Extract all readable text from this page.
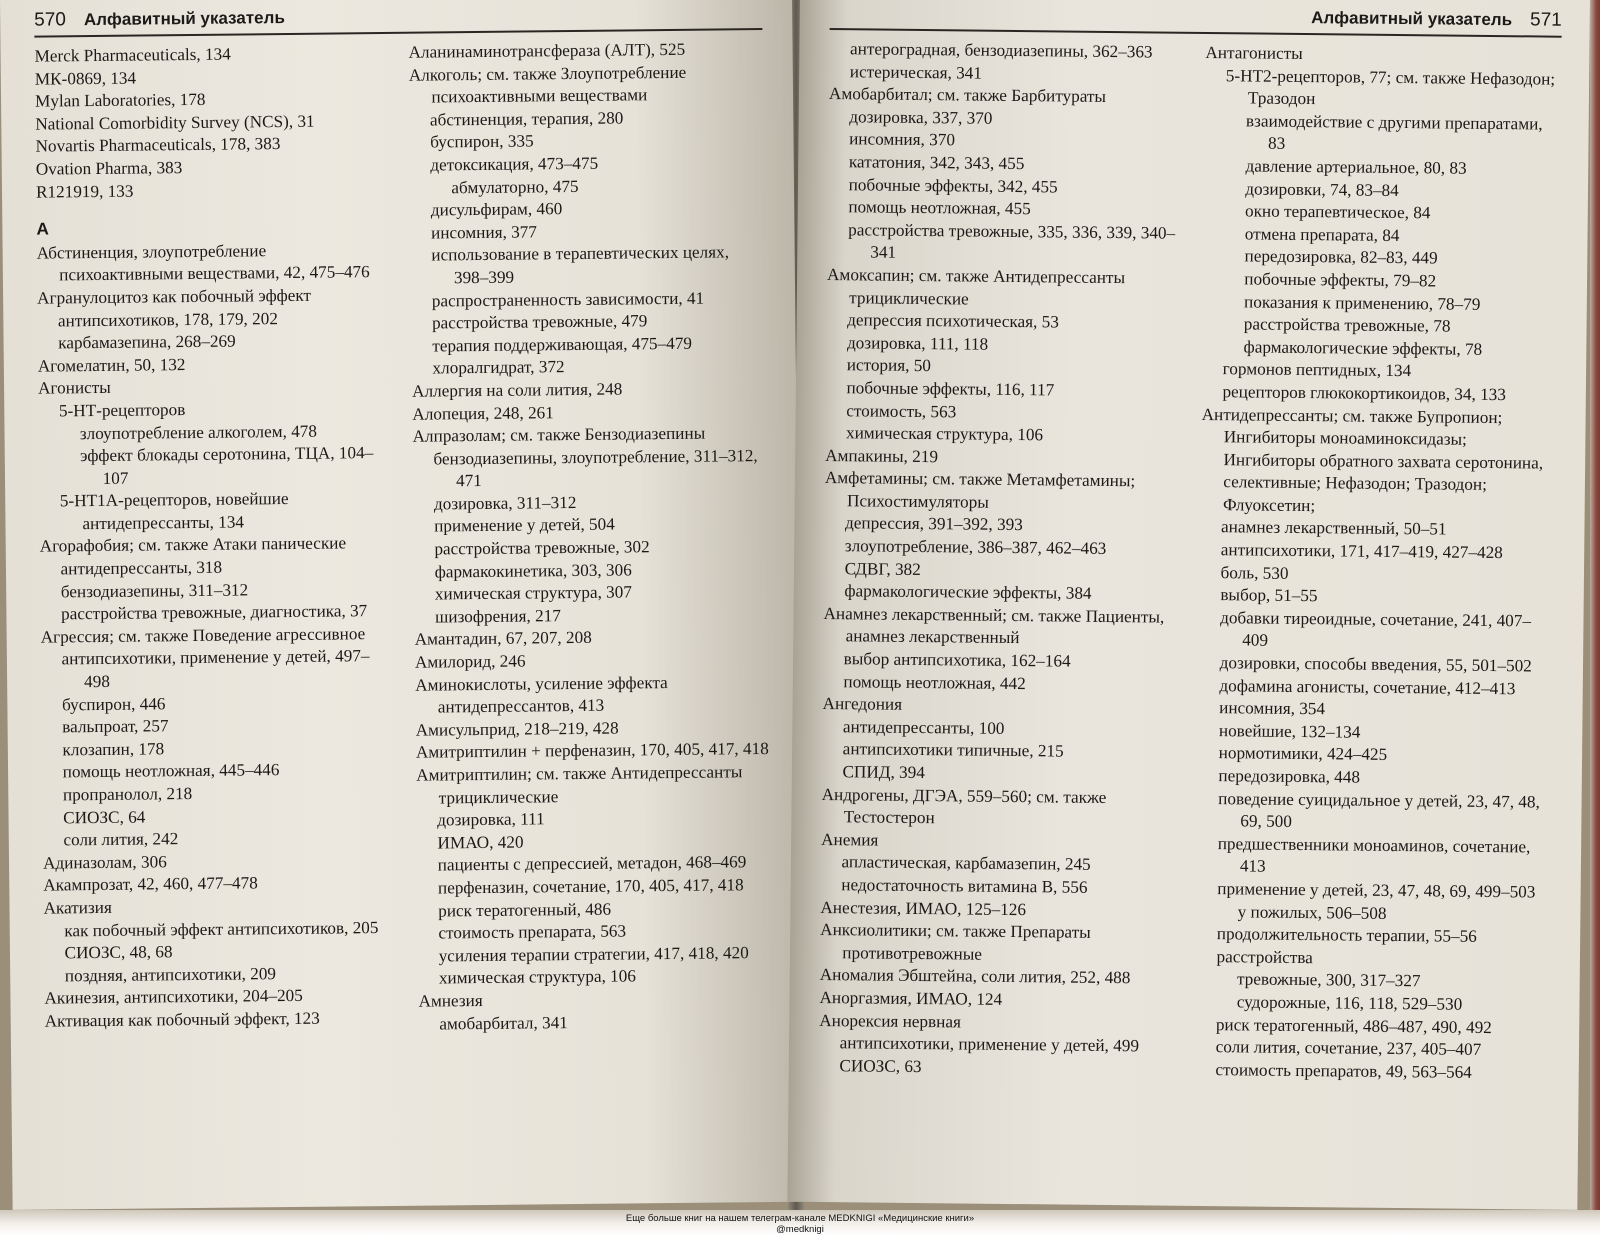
570 Алфавитный указатель
Merck Pharmaceuticals, 134
МК-0869, 134
Mylan Laboratories, 178
National Comorbidity Survey (NCS), 31
Novartis Pharmaceuticals, 178, 383
Ovation Pharma, 383
R121919, 133
А
Абстиненция, злоупотребление психоактивными веществами, 42, 475–476
Агранулоцитоз как побочный эффект
антипсихотиков, 178, 179, 202
карбамазепина, 268–269
Агомелатин, 50, 132
Агонисты
5-НТ-рецепторов
злоупотребление алкоголем, 478
эффект блокады серотонина, ТЦА, 104–107
5-НТ1А-рецепторов, новейшие антидепрессанты, 134
Агорафобия; см. также Атаки панические
антидепрессанты, 318
бензодиазепины, 311–312
расстройства тревожные, диагностика, 37
Агрессия; см. также Поведение агрессивное
антипсихотики, применение у детей, 497–498
буспирон, 446
вальпроат, 257
клозапин, 178
помощь неотложная, 445–446
пропранолол, 218
СИОЗС, 64
соли лития, 242
Адиназолам, 306
Акампрозат, 42, 460, 477–478
Акатизия
как побочный эффект антипсихотиков, 205
СИОЗС, 48, 68
поздняя, антипсихотики, 209
Акинезия, антипсихотики, 204–205
Активация как побочный эффект, 123
Аланинаминотрансфераза (АЛТ), 525
Алкоголь; см. также Злоупотребление психоактивными веществами
абстиненция, терапия, 280
буспирон, 335
детоксикация, 473–475
абмулаторно, 475
дисульфирам, 460
инсомния, 377
использование в терапевтических целях, 398–399
распространенность зависимости, 41
расстройства тревожные, 479
терапия поддерживающая, 475–479
хлоралгидрат, 372
Аллергия на соли лития, 248
Алопеция, 248, 261
Алпразолам; см. также Бензодиазепины
бензодиазепины, злоупотребление, 311–312, 471
дозировка, 311–312
применение у детей, 504
расстройства тревожные, 302
фармакокинетика, 303, 306
химическая структура, 307
шизофрения, 217
Амантадин, 67, 207, 208
Амилорид, 246
Аминокислоты, усиление эффекта антидепрессантов, 413
Амисульприд, 218–219, 428
Амитриптилин + перфеназин, 170, 405, 417, 418
Амитриптилин; см. также Антидепрессанты трициклические
дозировка, 111
ИМАО, 420
пациенты с депрессией, метадон, 468–469
перфеназин, сочетание, 170, 405, 417, 418
риск тератогенный, 486
стоимость препарата, 563
усиления терапии стратегии, 417, 418, 420
химическая структура, 106
Амнезия
амобарбитал, 341
Алфавитный указатель 571
антероградная, бензодиазепины, 362–363
истерическая, 341
Амобарбитал; см. также Барбитураты
дозировка, 337, 370
инсомния, 370
кататония, 342, 343, 455
побочные эффекты, 342, 455
помощь неотложная, 455
расстройства тревожные, 335, 336, 339, 340–341
Амоксапин; см. также Антидепрессанты трициклические
депрессия психотическая, 53
дозировка, 111, 118
история, 50
побочные эффекты, 116, 117
стоимость, 563
химическая структура, 106
Ампакины, 219
Амфетамины; см. также Метамфетамины; Психостимуляторы
депрессия, 391–392, 393
злоупотребление, 386–387, 462–463
СДВГ, 382
фармакологические эффекты, 384
Анамнез лекарственный; см. также Пациенты, анамнез лекарственный
выбор антипсихотика, 162–164
помощь неотложная, 442
Ангедония
антидепрессанты, 100
антипсихотики типичные, 215
СПИД, 394
Андрогены, ДГЭА, 559–560; см. также Тестостерон
Анемия
апластическая, карбамазепин, 245
недостаточность витамина В, 556
Анестезия, ИМАО, 125–126
Анксиолитики; см. также Препараты противотревожные
Аномалия Эбштейна, соли лития, 252, 488
Аноргазмия, ИМАО, 124
Анорексия нервная
антипсихотики, применение у детей, 499
СИОЗС, 63
Антагонисты
5-НТ2-рецепторов, 77; см. также Нефазодон; Тразодон
взаимодействие с другими препаратами, 83
давление артериальное, 80, 83
дозировки, 74, 83–84
окно терапевтическое, 84
отмена препарата, 84
передозировка, 82–83, 449
побочные эффекты, 79–82
показания к применению, 78–79
расстройства тревожные, 78
фармакологические эффекты, 78
гормонов пептидных, 134
рецепторов глюкокортикоидов, 34, 133
Антидепрессанты; см. также Бупропион; Ингибиторы моноаминоксидазы; Ингибиторы обратного захвата серотонина, селективные; Нефазодон; Тразодон; Флуоксетин;
анамнез лекарственный, 50–51
антипсихотики, 171, 417–419, 427–428
боль, 530
выбор, 51–55
добавки тиреоидные, сочетание, 241, 407–409
дозировки, способы введения, 55, 501–502
дофамина агонисты, сочетание, 412–413
инсомния, 354
новейшие, 132–134
нормотимики, 424–425
передозировка, 448
поведение суицидальное у детей, 23, 47, 48, 69, 500
предшественники моноаминов, сочетание, 413
применение у детей, 23, 47, 48, 69, 499–503
у пожилых, 506–508
продолжительность терапии, 55–56
расстройства
тревожные, 300, 317–327
судорожные, 116, 118, 529–530
риск тератогенный, 486–487, 490, 492
соли лития, сочетание, 237, 405–407
стоимость препаратов, 49, 563–564
Еще больше книг на нашем телеграм-канале MEDKNIGI «Медицинские книги»
@medknigi
